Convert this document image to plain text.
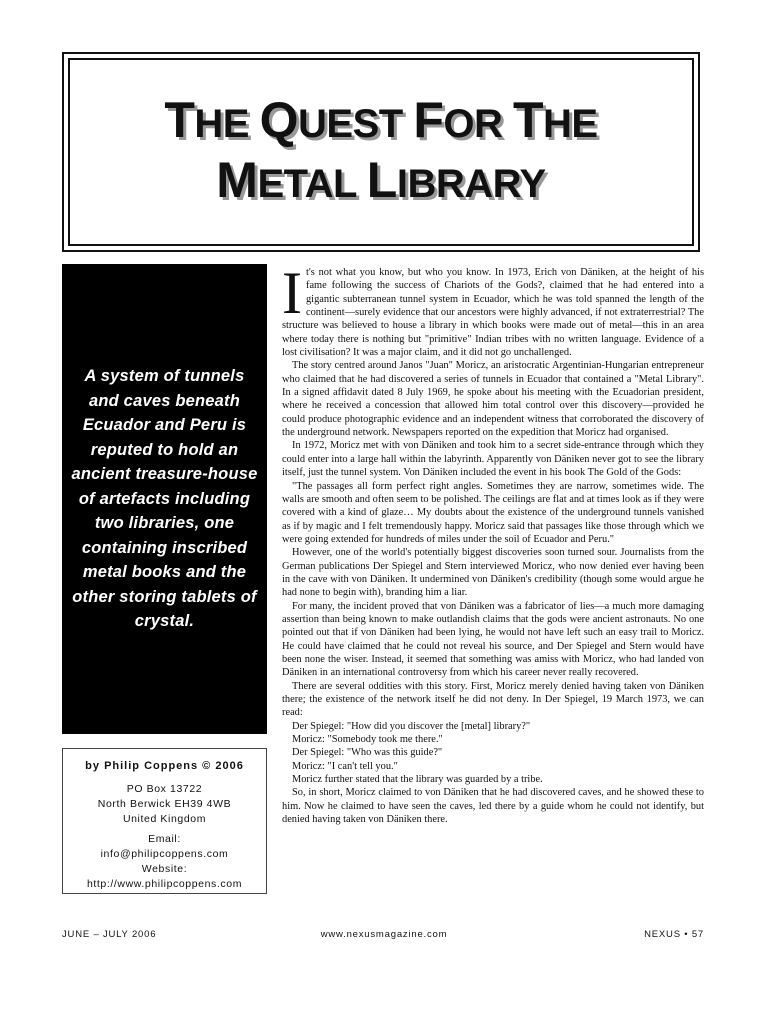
THE QUEST FOR THE
METAL LIBRARY

A system of tunnels and caves beneath Ecuador and Peru is reputed to hold an ancient treasure-house of artefacts including two libraries, one containing inscribed metal books and the other storing tablets of crystal.

by Philip Coppens © 2006
PO Box 13722
North Berwick EH39 4WB
United Kingdom
Email:
info@philipcoppens.com
Website:
http://www.philipcoppens.com

It's not what you know, but who you know. In 1973, Erich von Däniken, at the height of his fame following the success of Chariots of the Gods?, claimed that he had entered into a gigantic subterranean tunnel system in Ecuador, which he was told spanned the length of the continent—surely evidence that our ancestors were highly advanced, if not extraterrestrial? The structure was believed to house a library in which books were made out of metal—this in an area where today there is nothing but "primitive" Indian tribes with no written language. Evidence of a lost civilisation? It was a major claim, and it did not go unchallenged.

The story centred around Janos "Juan" Moricz, an aristocratic Argentinian-Hungarian entrepreneur who claimed that he had discovered a series of tunnels in Ecuador that contained a "Metal Library". In a signed affidavit dated 8 July 1969, he spoke about his meeting with the Ecuadorian president, where he received a concession that allowed him total control over this discovery—provided he could produce photographic evidence and an independent witness that corroborated the discovery of the underground network. Newspapers reported on the expedition that Moricz had organised.

In 1972, Moricz met with von Däniken and took him to a secret side-entrance through which they could enter into a large hall within the labyrinth. Apparently von Däniken never got to see the library itself, just the tunnel system. Von Däniken included the event in his book The Gold of the Gods:

"The passages all form perfect right angles. Sometimes they are narrow, sometimes wide. The walls are smooth and often seem to be polished. The ceilings are flat and at times look as if they were covered with a kind of glaze… My doubts about the existence of the underground tunnels vanished as if by magic and I felt tremendously happy. Moricz said that passages like those through which we were going extended for hundreds of miles under the soil of Ecuador and Peru."

However, one of the world's potentially biggest discoveries soon turned sour. Journalists from the German publications Der Spiegel and Stern interviewed Moricz, who now denied ever having been in the cave with von Däniken. It undermined von Däniken's credibility (though some would argue he had none to begin with), branding him a liar.

For many, the incident proved that von Däniken was a fabricator of lies—a much more damaging assertion than being known to make outlandish claims that the gods were ancient astronauts. No one pointed out that if von Däniken had been lying, he would not have left such an easy trail to Moricz. He could have claimed that he could not reveal his source, and Der Spiegel and Stern would have been none the wiser. Instead, it seemed that something was amiss with Moricz, who had landed von Däniken in an international controversy from which his career never really recovered.

There are several oddities with this story. First, Moricz merely denied having taken von Däniken there; the existence of the network itself he did not deny. In Der Spiegel, 19 March 1973, we can read:

Der Spiegel: "How did you discover the [metal] library?"

Moricz: "Somebody took me there."

Der Spiegel: "Who was this guide?"

Moricz: "I can't tell you."

Moricz further stated that the library was guarded by a tribe.

So, in short, Moricz claimed to von Däniken that he had discovered caves, and he showed these to him. Now he claimed to have seen the caves, led there by a guide whom he could not identify, but denied having taken von Däniken there.

JUNE – JULY 2006	www.nexusmagazine.com	NEXUS • 57
